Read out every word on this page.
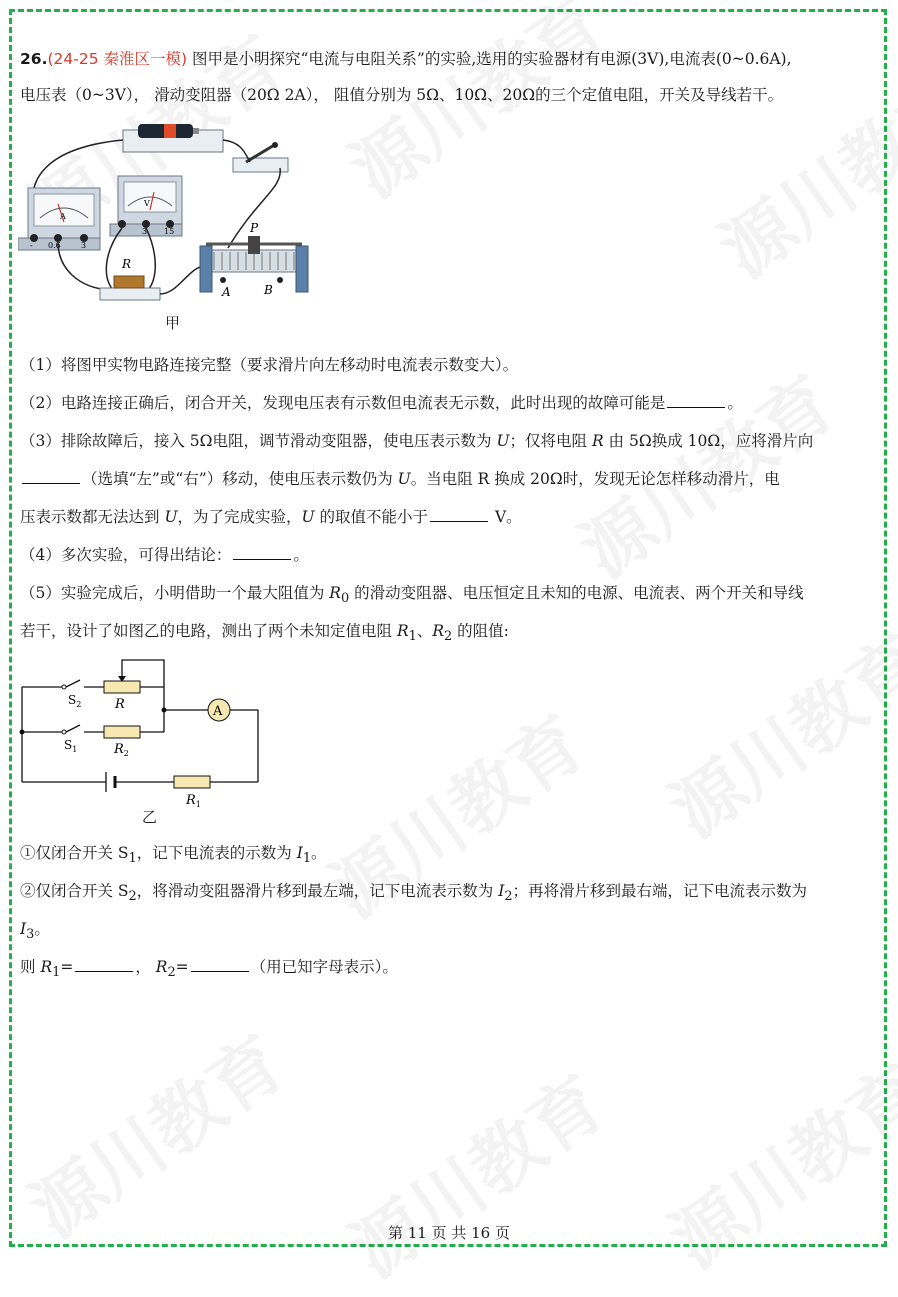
26.(24-25 秦淮区一模) 图甲是小明探究“电流与电阻关系”的实验,选用的实验器材有电源(3V),电流表(0~0.6A),
电压表（0~3V）， 滑动变阻器（20Ω 2A）， 阻值分别为 5Ω、10Ω、20Ω的三个定值电阻，开关及导线若干。
A
- 0.6	3
V
-	3 15
R
P
A	B
甲
（1）将图甲实物电路连接完整（要求滑片向左移动时电流表示数变大）。
（2）电路连接正确后，闭合开关，发现电压表有示数但电流表无示数，此时出现的故障可能是	。
（3）排除故障后，接入 5Ω电阻，调节滑动变阻器，使电压表示数为 U；仅将电阻 R 由 5Ω换成 10Ω，应将滑片向
（选填“左”或“右”）移动，使电压表示数仍为 U。当电阻 R 换成 20Ω时，发现无论怎样移动滑片，电
压表示数都无法达到 U，为了完成实验，U 的取值不能小于	V。
（4）多次实验，可得出结论：	。
（5）实验完成后，小明借助一个最大阻值为 $R_0$ 的滑动变阻器、电压恒定且未知的电源、电流表、两个开关和导线
若干，设计了如图乙的电路，测出了两个未知定值电阻 $R_1$、$R_2$ 的阻值:
A
$S_2$	R
$S_1$	$R_2$
$R_1$
乙
①仅闭合开关 $S_1$，记下电流表的示数为 $I_1$。
②仅闭合开关 $S_2$，将滑动变阻器滑片移到最左端，记下电流表示数为 $I_2$；再将滑片移到最右端，记下电流表示数为
$I_3$。
则 $R_1=$	， $R_2=$	（用已知字母表示）。
第 11 页 共 16 页
